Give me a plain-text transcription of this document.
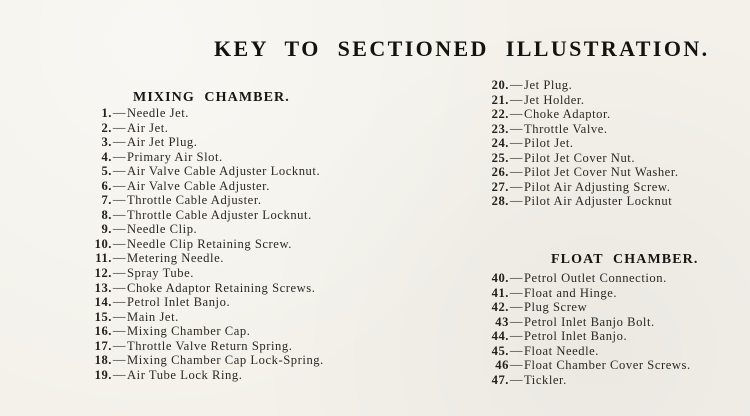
KEY TO SECTIONED ILLUSTRATION.
MIXING CHAMBER.
1.—Needle Jet.
2.—Air Jet.
3.—Air Jet Plug.
4.—Primary Air Slot.
5.—Air Valve Cable Adjuster Locknut.
6.—Air Valve Cable Adjuster.
7.—Throttle Cable Adjuster.
8.—Throttle Cable Adjuster Locknut.
9.—Needle Clip.
10.—Needle Clip Retaining Screw.
11.—Metering Needle.
12.—Spray Tube.
13.—Choke Adaptor Retaining Screws.
14.—Petrol Inlet Banjo.
15.—Main Jet.
16.—Mixing Chamber Cap.
17.—Throttle Valve Return Spring.
18.—Mixing Chamber Cap Lock-Spring.
19.—Air Tube Lock Ring.
20.—Jet Plug.
21.—Jet Holder.
22.—Choke Adaptor.
23.—Throttle Valve.
24.—Pilot Jet.
25.—Pilot Jet Cover Nut.
26.—Pilot Jet Cover Nut Washer.
27.—Pilot Air Adjusting Screw.
28.—Pilot Air Adjuster Locknut
FLOAT CHAMBER.
40.—Petrol Outlet Connection.
41.—Float and Hinge.
42.—Plug Screw
43—Petrol Inlet Banjo Bolt.
44.—Petrol Inlet Banjo.
45.—Float Needle.
46—Float Chamber Cover Screws.
47.—Tickler.
